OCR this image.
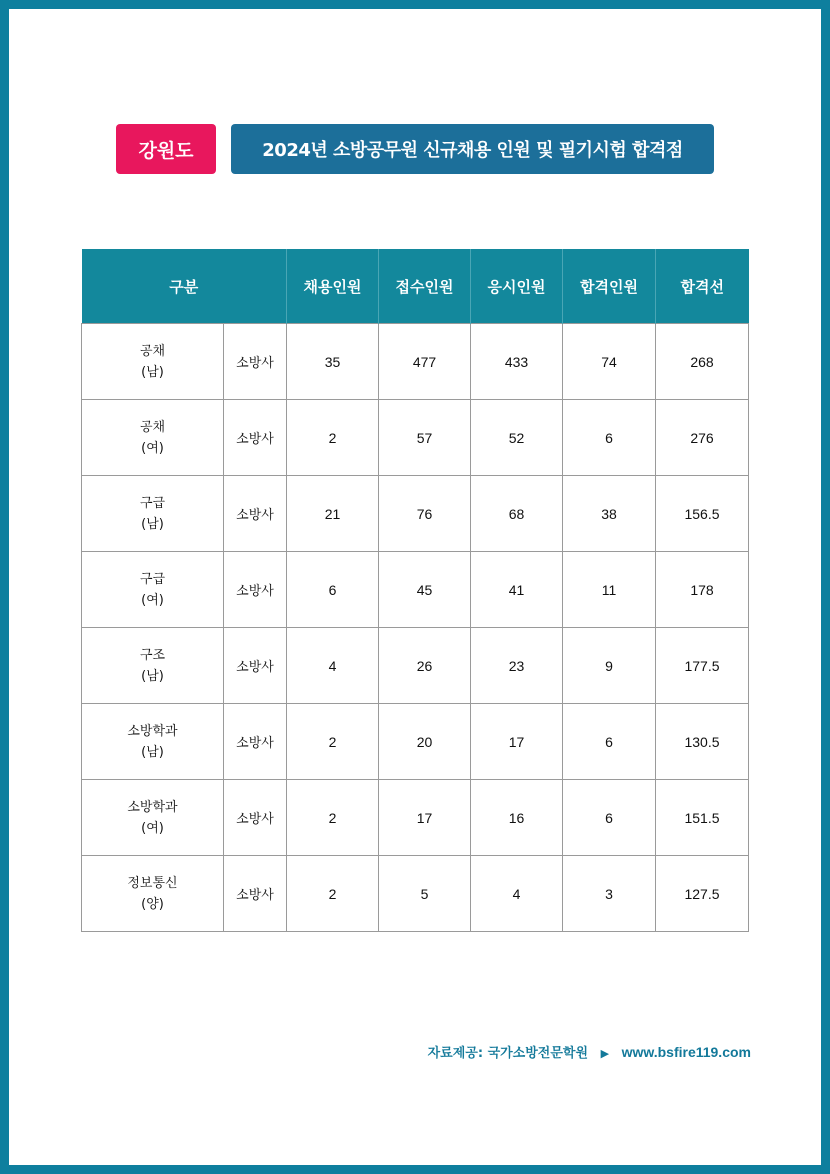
강원도	2024년 소방공무원 신규채용 인원 및 필기시험 합격점
구분		채용인원	접수인원	응시인원	합격인원	합격선

공채
(남)	소방사	35	477	433	74	268

공채
(여)	소방사	2	57	52	6	276

구급
(남)	소방사	21	76	68	38	156.5

구급
(여)	소방사	6	45	41	11	178

구조
(남)	소방사	4	26	23	9	177.5

소방학과
(남)	소방사	2	20	17	6	130.5

소방학과
(여)	소방사	2	17	16	6	151.5

정보통신
(양)	소방사	2	5	4	3	127.5
자료제공: 국가소방전문학원 ▶ www.bsfire119.com
